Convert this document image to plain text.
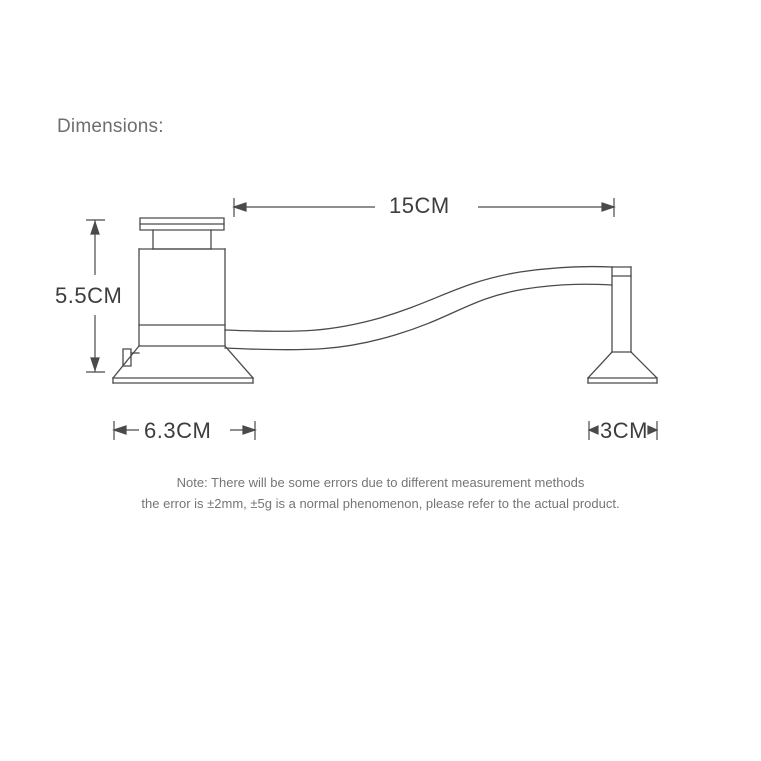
Dimensions:
15CM
5.5CM
6.3CM	3CM
Note: There will be some errors due to different measurement methods
the error is ±2mm, ±5g is a normal phenomenon, please refer to the actual product.
